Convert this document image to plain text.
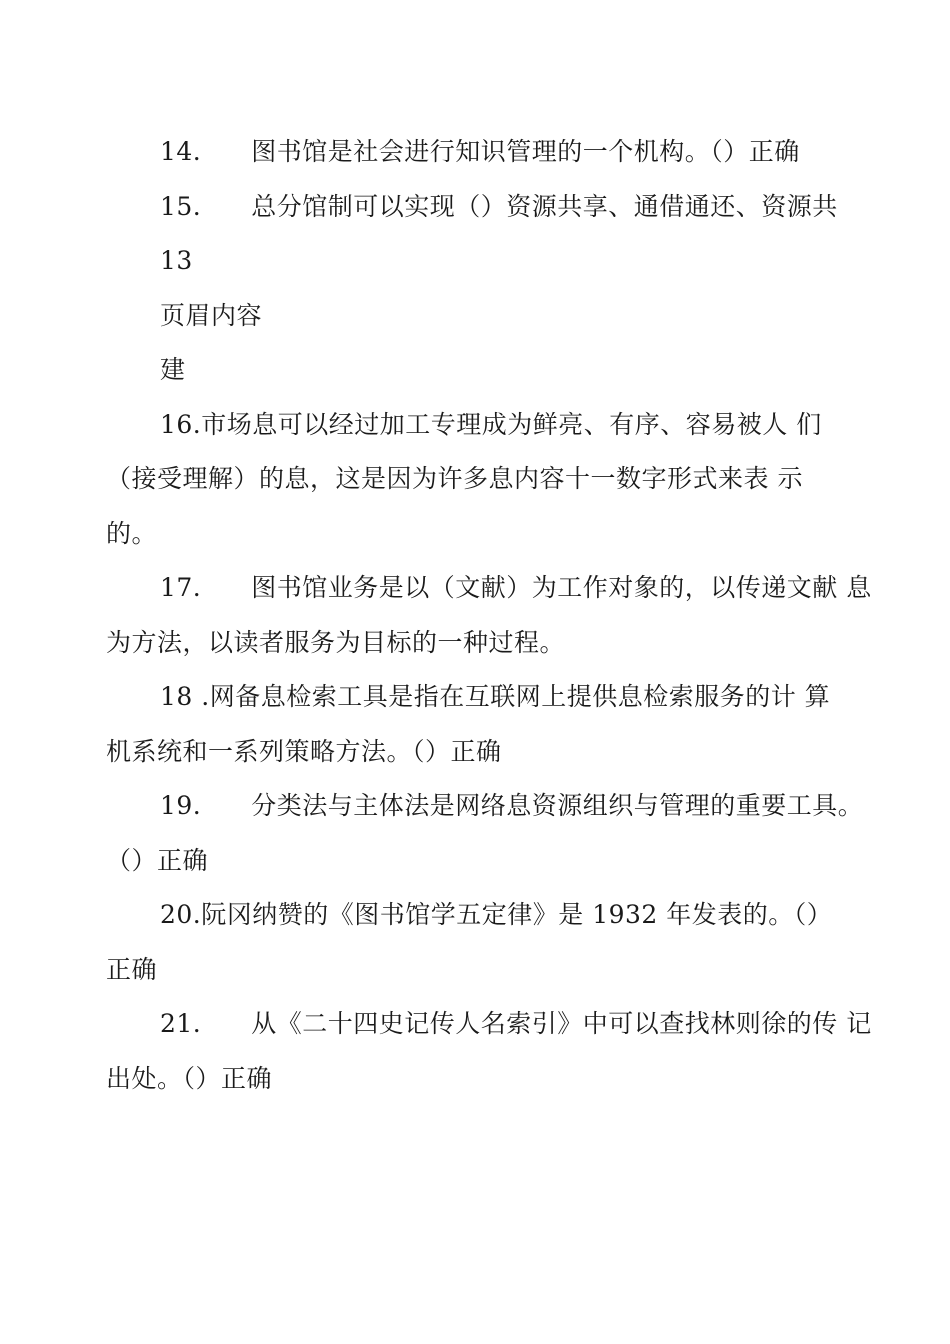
14. 图书馆是社会进行知识管理的一个机构。（）正确
15. 总分馆制可以实现（）资源共享、通借通还、资源共
13
页眉内容
建
16.市场息可以经过加工专理成为鲜亮、有序、容易被人 们
（接受理解）的息，这是因为许多息内容十一数字形式来表 示
的。
17. 图书馆业务是以（文献）为工作对象的，以传递文献 息
为方法，以读者服务为目标的一种过程。
18 .网备息检索工具是指在互联网上提供息检索服务的计 算
机系统和一系列策略方法。（）正确
19. 分类法与主体法是网络息资源组织与管理的重要工具。
（）正确
20.阮冈纳赞的《图书馆学五定律》是 1932 年发表的。（）
正确
21. 从《二十四史记传人名索引》中可以查找林则徐的传 记
出处。（）正确
